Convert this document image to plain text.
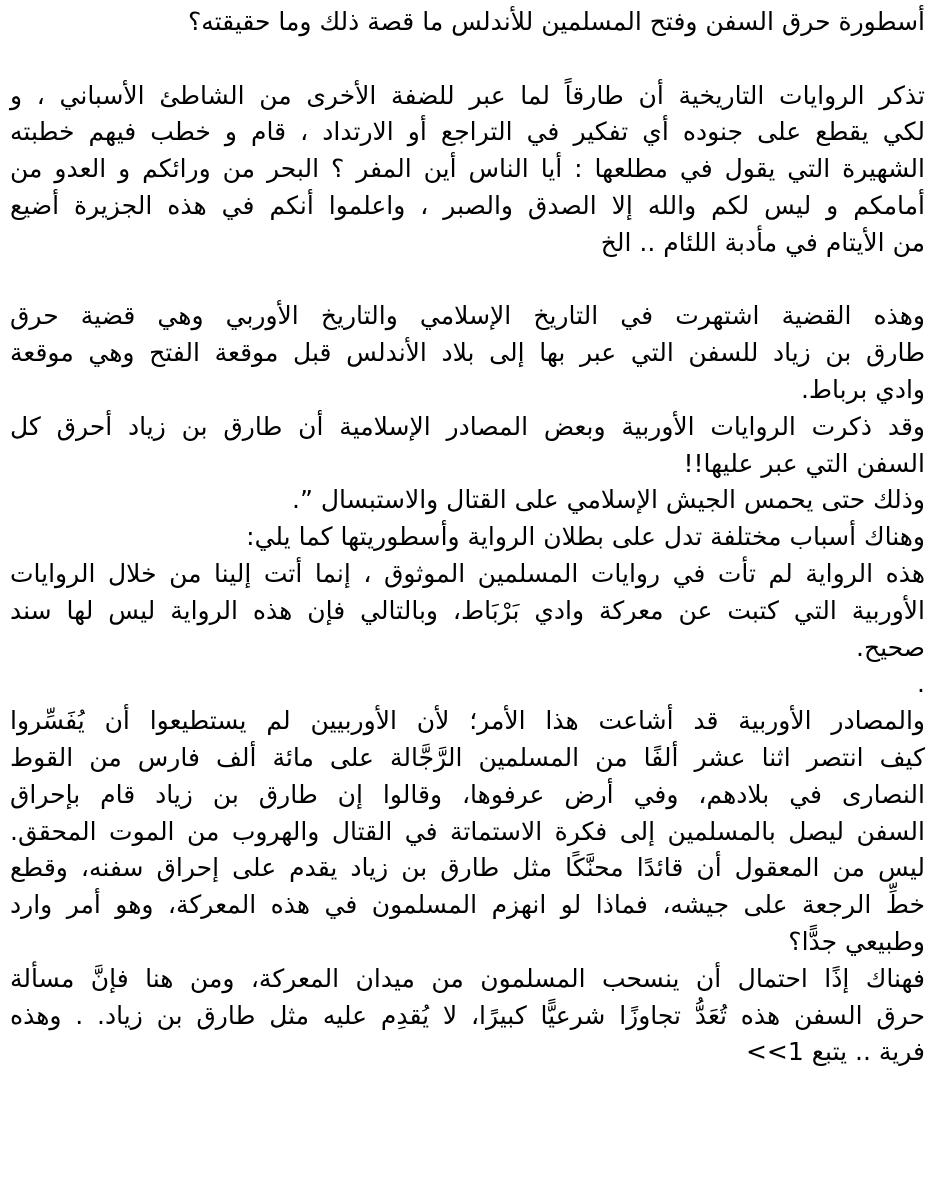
أسطورة حرق السفن وفتح المسلمين للأندلس ما قصة ذلك وما حقيقته؟
تذكر الروايات التاريخية أن طارقاً لما عبر للضفة الأخرى من الشاطئ الأسباني ، و
لكي يقطع على جنوده أي تفكير في التراجع أو الارتداد ، قام و خطب فيهم خطبته
الشهيرة التي يقول في مطلعها : أيا الناس أين المفر ؟ البحر من ورائكم و العدو من
أمامكم و ليس لكم والله إلا الصدق والصبر ، واعلموا أنكم في هذه الجزيرة أضيع
من الأيتام في مأدبة اللئام .. الخ
وهذه القضية اشتهرت في التاريخ الإسلامي والتاريخ الأوربي وهي قضية حرق
طارق بن زياد للسفن التي عبر بها إلى بلاد الأندلس قبل موقعة الفتح وهي موقعة
وادي برباط.
وقد ذكرت الروايات الأوربية وبعض المصادر الإسلامية أن طارق بن زياد أحرق كل
السفن التي عبر عليها!!
وذلك حتى يحمس الجيش الإسلامي على القتال والاستبسال ”.
وهناك أسباب مختلفة تدل على بطلان الرواية وأسطوريتها كما يلي:
هذه الرواية لم تأت في روايات المسلمين الموثوق ، إنما أتت إلينا من خلال الروايات
الأوربية التي كتبت عن معركة وادي بَرْبَاط، وبالتالي فإن هذه الرواية ليس لها سند
صحيح.
.
والمصادر الأوربية قد أشاعت هذا الأمر؛ لأن الأوربيين لم يستطيعوا أن يُفَسِّروا
كيف انتصر اثنا عشر ألفًا من المسلمين الرَّجَّالة على مائة ألف فارس من القوط
النصارى في بلادهم، وفي أرض عرفوها، وقالوا إن طارق بن زياد قام بإحراق
السفن ليصل بالمسلمين إلى فكرة الاستماتة في القتال والهروب من الموت المحقق.
ليس من المعقول أن قائدًا محنَّكًا مثل طارق بن زياد يقدم على إحراق سفنه، وقطع
خطِّ الرجعة على جيشه، فماذا لو انهزم المسلمون في هذه المعركة، وهو أمر وارد
وطبيعي جدًّا؟
فهناك إذًا احتمال أن ينسحب المسلمون من ميدان المعركة، ومن هنا فإنَّ مسألة
حرق السفن هذه تُعَدُّ تجاوزًا شرعيًّا كبيرًا، لا يُقدِم عليه مثل طارق بن زياد. . وهذه
فرية .. يتبع 1>>
